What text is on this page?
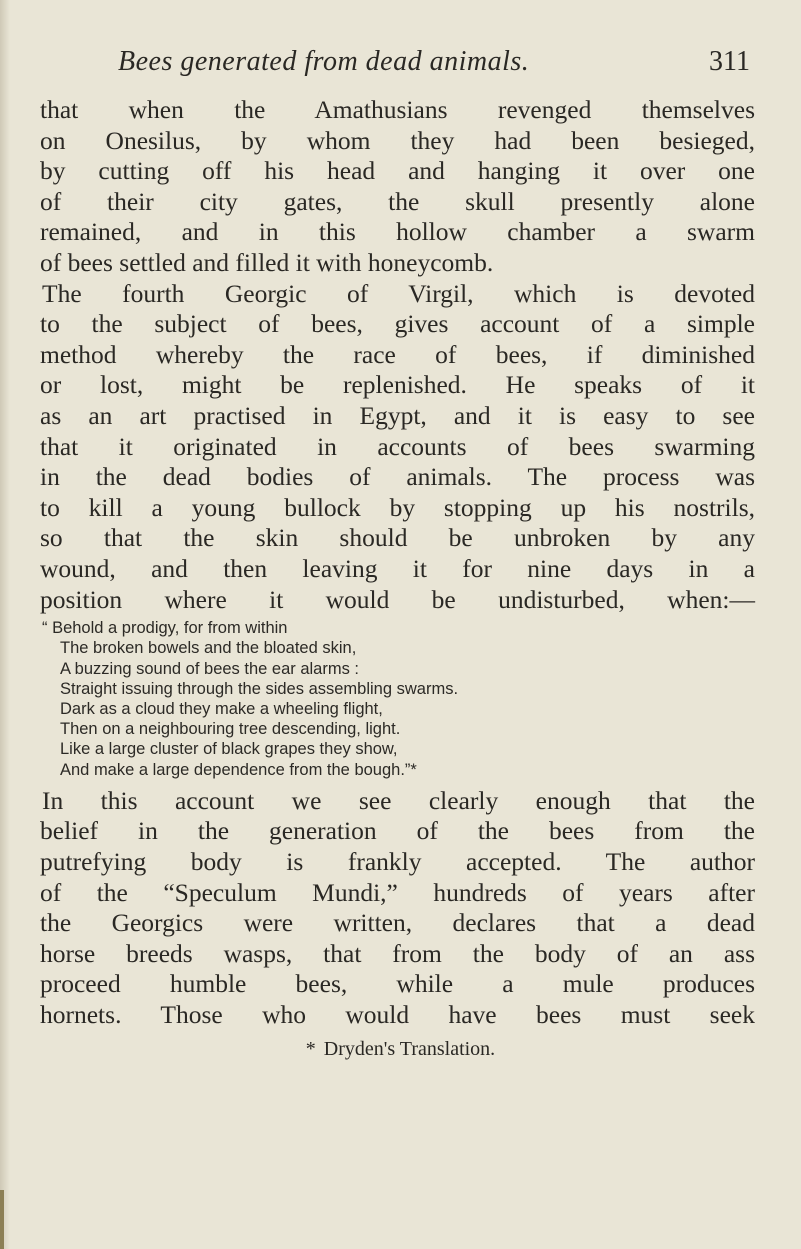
Bees generated from dead animals.	311
that when the Amathusians revenged themselves
on Onesilus, by whom they had been besieged,
by cutting off his head and hanging it over one
of their city gates, the skull presently alone
remained, and in this hollow chamber a swarm
of bees settled and filled it with honeycomb.
The fourth Georgic of Virgil, which is devoted
to the subject of bees, gives account of a simple
method whereby the race of bees, if diminished
or lost, might be replenished. He speaks of it
as an art practised in Egypt, and it is easy to see
that it originated in accounts of bees swarming
in the dead bodies of animals. The process was
to kill a young bullock by stopping up his nostrils,
so that the skin should be unbroken by any
wound, and then leaving it for nine days in a
position where it would be undisturbed, when:—
“ Behold a prodigy, for from within
The broken bowels and the bloated skin,
A buzzing sound of bees the ear alarms :
Straight issuing through the sides assembling swarms.
Dark as a cloud they make a wheeling flight,
Then on a neighbouring tree descending, light.
Like a large cluster of black grapes they show,
And make a large dependence from the bough.”*
In this account we see clearly enough that the
belief in the generation of the bees from the
putrefying body is frankly accepted. The author
of the “Speculum Mundi,” hundreds of years after
the Georgics were written, declares that a dead
horse breeds wasps, that from the body of an ass
proceed humble bees, while a mule produces
hornets. Those who would have bees must seek
* Dryden's Translation.
